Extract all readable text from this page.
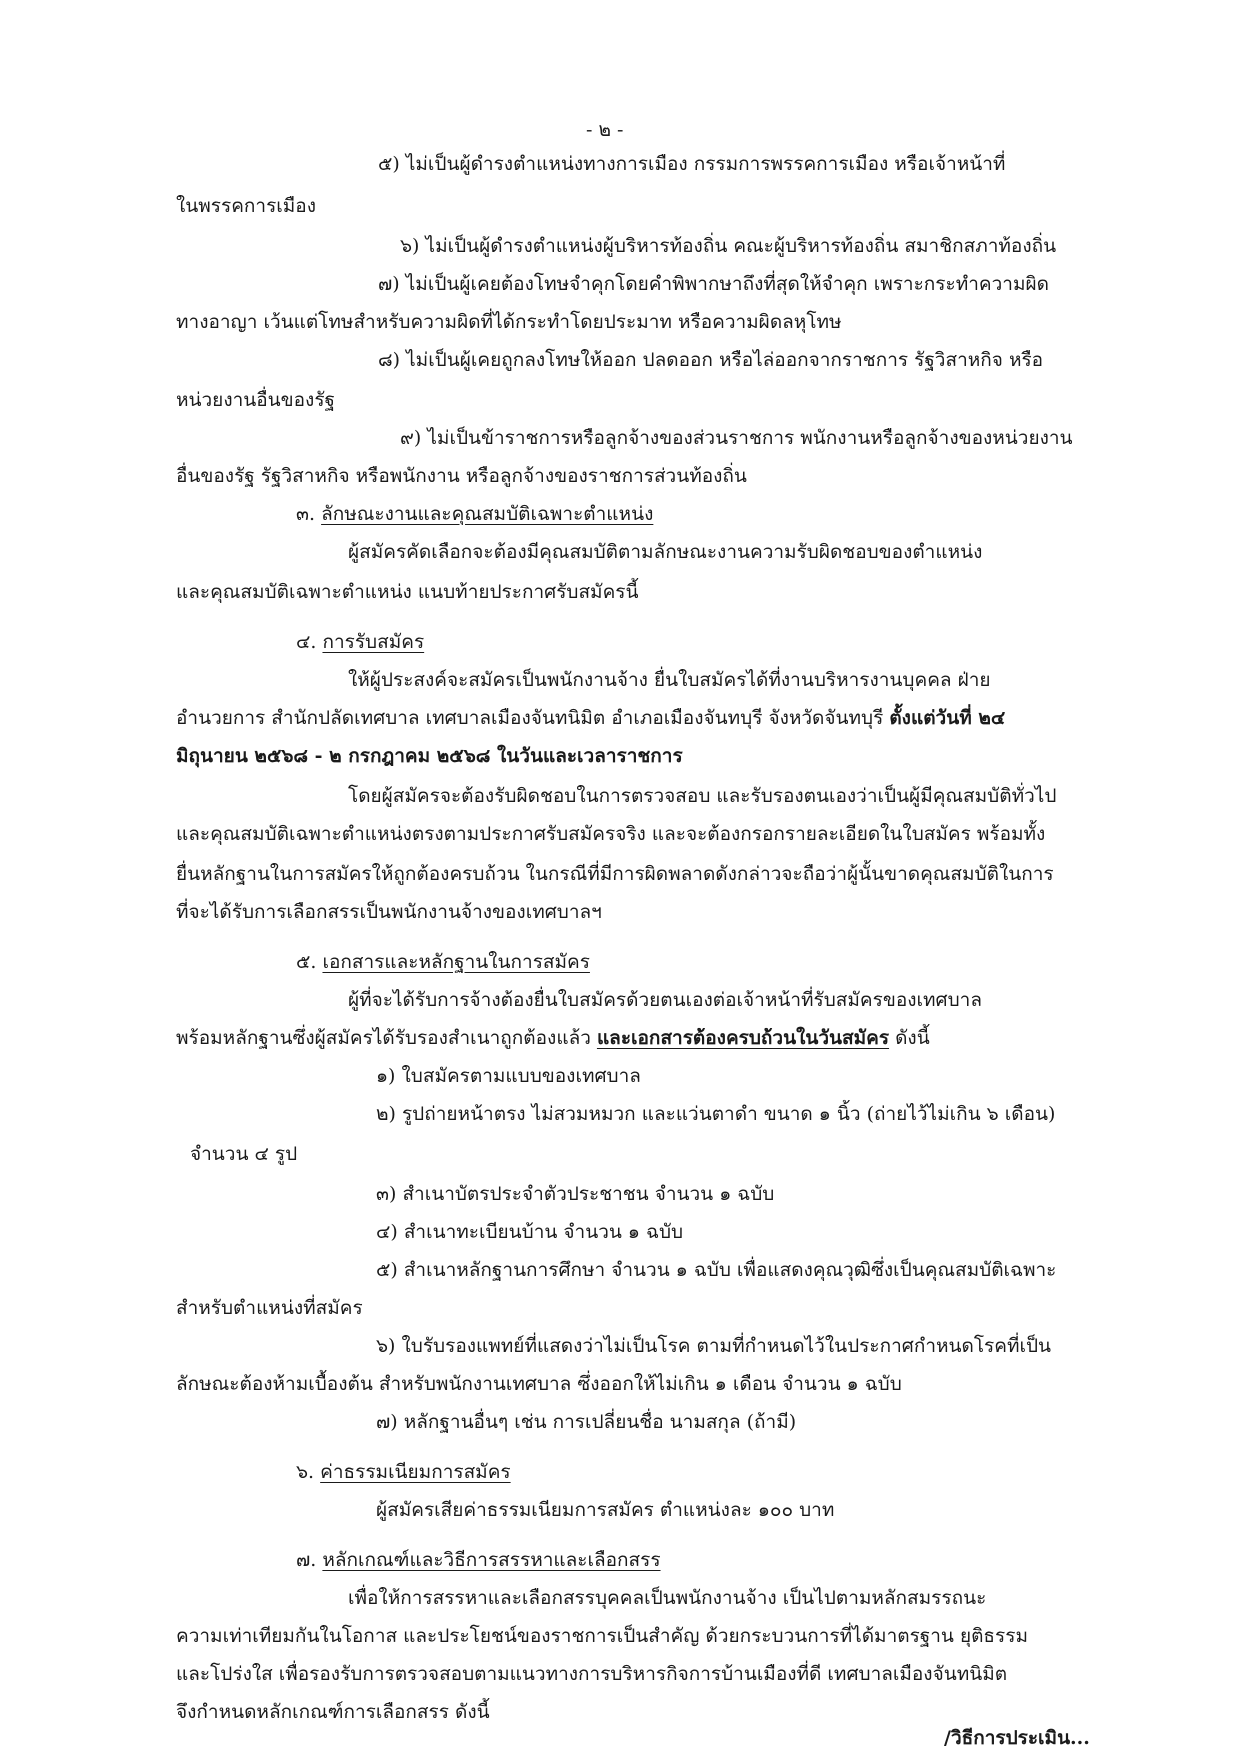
- ๒ -
๕) ไม่เป็นผู้ดำรงตำแหน่งทางการเมือง กรรมการพรรคการเมือง หรือเจ้าหน้าที่
ในพรรคการเมือง
๖) ไม่เป็นผู้ดำรงตำแหน่งผู้บริหารท้องถิ่น คณะผู้บริหารท้องถิ่น สมาชิกสภาท้องถิ่น
๗) ไม่เป็นผู้เคยต้องโทษจำคุกโดยคำพิพากษาถึงที่สุดให้จำคุก เพราะกระทำความผิด
ทางอาญา เว้นแต่โทษสำหรับความผิดที่ได้กระทำโดยประมาท หรือความผิดลหุโทษ
๘) ไม่เป็นผู้เคยถูกลงโทษให้ออก ปลดออก หรือไล่ออกจากราชการ รัฐวิสาหกิจ หรือ
หน่วยงานอื่นของรัฐ
๙) ไม่เป็นข้าราชการหรือลูกจ้างของส่วนราชการ พนักงานหรือลูกจ้างของหน่วยงาน
อื่นของรัฐ รัฐวิสาหกิจ หรือพนักงาน หรือลูกจ้างของราชการส่วนท้องถิ่น
๓. ลักษณะงานและคุณสมบัติเฉพาะตำแหน่ง
ผู้สมัครคัดเลือกจะต้องมีคุณสมบัติตามลักษณะงานความรับผิดชอบของตำแหน่ง
และคุณสมบัติเฉพาะตำแหน่ง แนบท้ายประกาศรับสมัครนี้
๔. การรับสมัคร
ให้ผู้ประสงค์จะสมัครเป็นพนักงานจ้าง ยื่นใบสมัครได้ที่งานบริหารงานบุคคล ฝ่าย
อำนวยการ สำนักปลัดเทศบาล เทศบาลเมืองจันทนิมิต อำเภอเมืองจันทบุรี จังหวัดจันทบุรี ตั้งแต่วันที่ ๒๔
มิถุนายน ๒๕๖๘ - ๒ กรกฎาคม ๒๕๖๘ ในวันและเวลาราชการ
โดยผู้สมัครจะต้องรับผิดชอบในการตรวจสอบ และรับรองตนเองว่าเป็นผู้มีคุณสมบัติทั่วไป
และคุณสมบัติเฉพาะตำแหน่งตรงตามประกาศรับสมัครจริง และจะต้องกรอกรายละเอียดในใบสมัคร พร้อมทั้ง
ยื่นหลักฐานในการสมัครให้ถูกต้องครบถ้วน ในกรณีที่มีการผิดพลาดดังกล่าวจะถือว่าผู้นั้นขาดคุณสมบัติในการ
ที่จะได้รับการเลือกสรรเป็นพนักงานจ้างของเทศบาลฯ
๕. เอกสารและหลักฐานในการสมัคร
ผู้ที่จะได้รับการจ้างต้องยื่นใบสมัครด้วยตนเองต่อเจ้าหน้าที่รับสมัครของเทศบาล
พร้อมหลักฐานซึ่งผู้สมัครได้รับรองสำเนาถูกต้องแล้ว และเอกสารต้องครบถ้วนในวันสมัคร ดังนี้
๑) ใบสมัครตามแบบของเทศบาล
๒) รูปถ่ายหน้าตรง ไม่สวมหมวก และแว่นตาดำ ขนาด ๑ นิ้ว (ถ่ายไว้ไม่เกิน ๖ เดือน)
จำนวน ๔ รูป
๓) สำเนาบัตรประจำตัวประชาชน จำนวน ๑ ฉบับ
๔) สำเนาทะเบียนบ้าน จำนวน ๑ ฉบับ
๕) สำเนาหลักฐานการศึกษา จำนวน ๑ ฉบับ เพื่อแสดงคุณวุฒิซึ่งเป็นคุณสมบัติเฉพาะ
สำหรับตำแหน่งที่สมัคร
๖) ใบรับรองแพทย์ที่แสดงว่าไม่เป็นโรค ตามที่กำหนดไว้ในประกาศกำหนดโรคที่เป็น
ลักษณะต้องห้ามเบื้องต้น สำหรับพนักงานเทศบาล ซึ่งออกให้ไม่เกิน ๑ เดือน จำนวน ๑ ฉบับ
๗) หลักฐานอื่นๆ เช่น การเปลี่ยนชื่อ นามสกุล (ถ้ามี)
๖. ค่าธรรมเนียมการสมัคร
ผู้สมัครเสียค่าธรรมเนียมการสมัคร ตำแหน่งละ ๑๐๐ บาท
๗. หลักเกณฑ์และวิธีการสรรหาและเลือกสรร
เพื่อให้การสรรหาและเลือกสรรบุคคลเป็นพนักงานจ้าง เป็นไปตามหลักสมรรถนะ
ความเท่าเทียมกันในโอกาส และประโยชน์ของราชการเป็นสำคัญ ด้วยกระบวนการที่ได้มาตรฐาน ยุติธรรม
และโปร่งใส เพื่อรองรับการตรวจสอบตามแนวทางการบริหารกิจการบ้านเมืองที่ดี เทศบาลเมืองจันทนิมิต
จึงกำหนดหลักเกณฑ์การเลือกสรร ดังนี้
/วิธีการประเมิน...
